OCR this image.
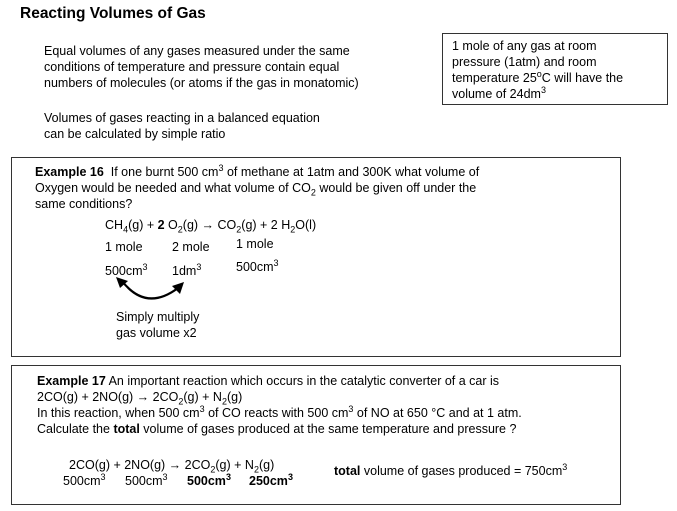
Reacting Volumes of Gas
Equal volumes of any gases measured under the same
conditions of temperature and pressure contain equal
numbers of molecules (or atoms if the gas in monatomic)
Volumes of gases reacting in a balanced equation
can be calculated by simple ratio
1 mole of any gas at room
pressure (1atm) and room
temperature 25$^o$C will have the
volume of $24dm^3$
Example 16 If one burnt 500 $cm^3$ of methane at 1atm and 300K what volume of
Oxygen would be needed and what volume of $CO_2$ would be given off under the
same conditions?
$CH_4(g) + 2$ $O_2(g) \to CO_2(g) + 2$ $H_2O(l)$
1 mole 2 mole 1 mole
$500cm^3$ $1dm^3$	$500cm^3$
Simply multiply
gas volume x2
Example 17 An important reaction which occurs in the catalytic converter of a car is
$2CO(g) + 2NO(g) \to 2CO_2(g) + N_2(g)$
In this reaction, when 500 $cm^3$ of CO reacts with 500 $cm^3$ of NO at 650 °C and at 1 atm.
Calculate the total volume of gases produced at the same temperature and pressure ?
$2CO(g) + 2NO(g) \to 2CO_2(g) + N_2(g)$
$500cm^3$ $500cm^3$ $500cm^3$ $250cm^3$	total volume of gases produced = $750cm^3$
